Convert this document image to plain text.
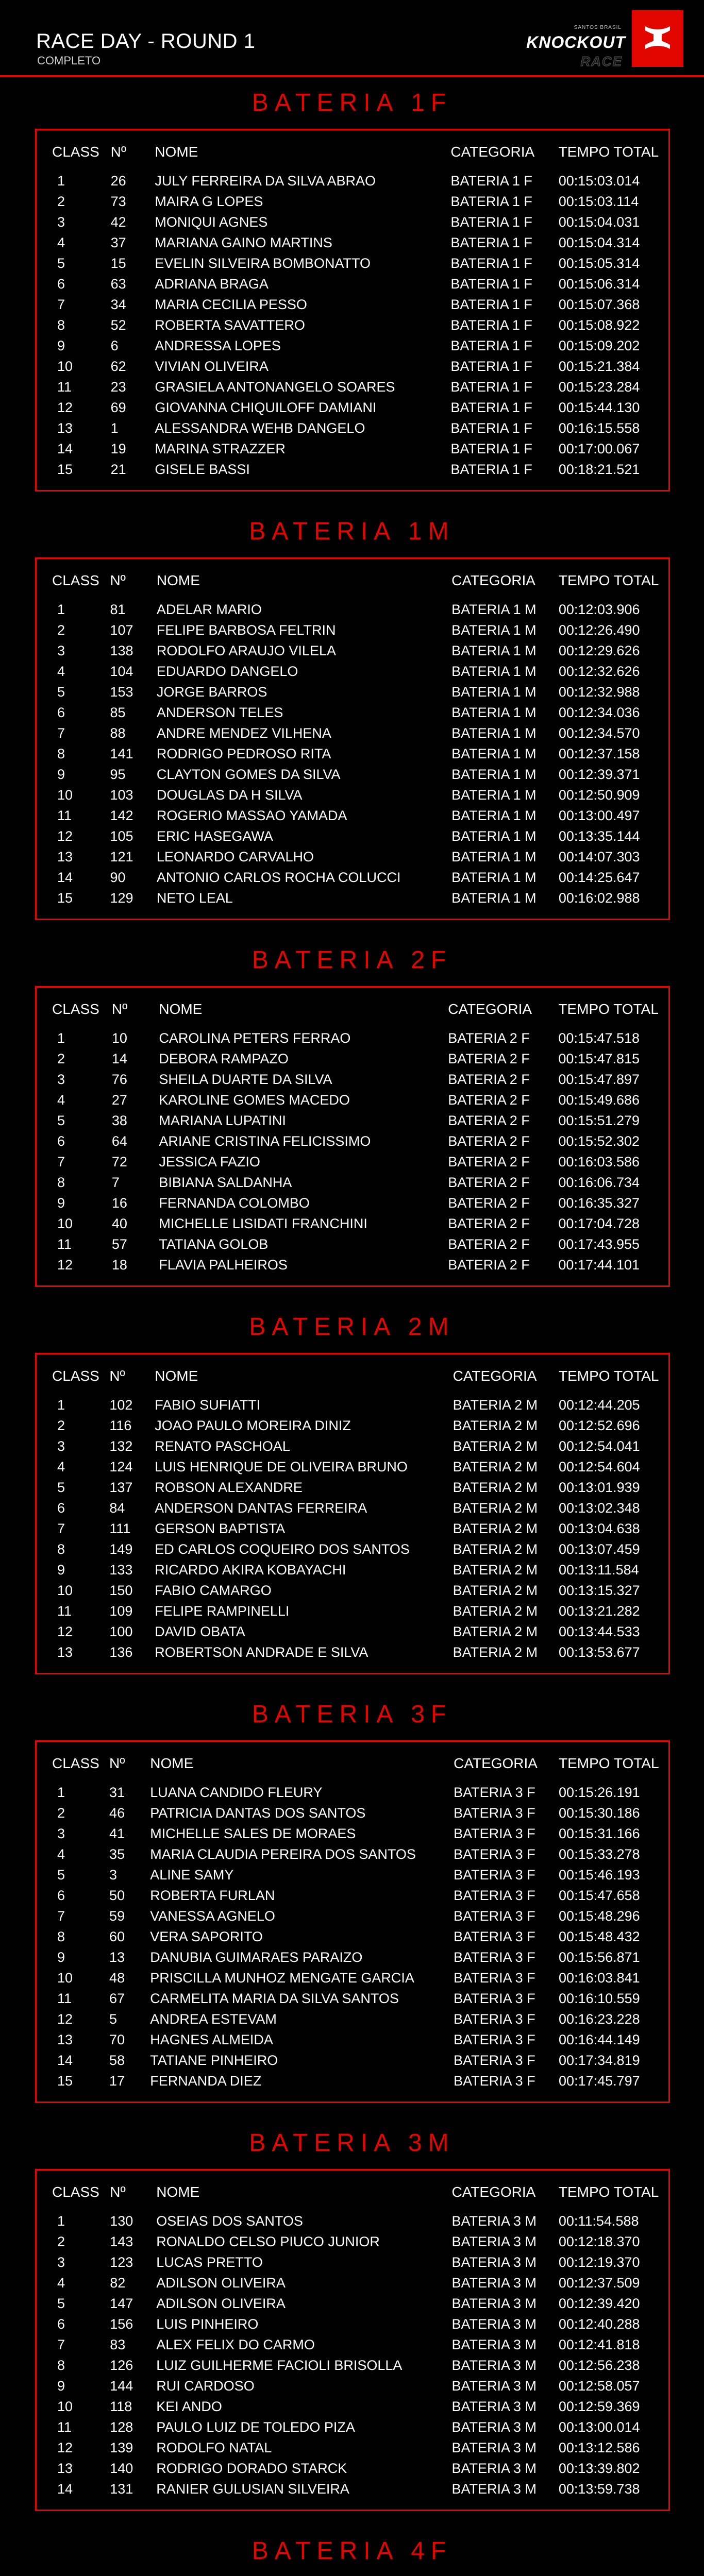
RACE DAY - ROUND 1
COMPLETO
SANTOS BRASIL
KNOCKOUT
RACE
BATERIA 1F
CLASS	Nº	NOME	CATEGORIA	TEMPO TOTAL
1	26	JULY FERREIRA DA SILVA ABRAO	BATERIA 1 F	00:15:03.014
2	73	MAIRA G LOPES	BATERIA 1 F	00:15:03.114
3	42	MONIQUI AGNES	BATERIA 1 F	00:15:04.031
4	37	MARIANA GAINO MARTINS	BATERIA 1 F	00:15:04.314
5	15	EVELIN SILVEIRA BOMBONATTO	BATERIA 1 F	00:15:05.314
6	63	ADRIANA BRAGA	BATERIA 1 F	00:15:06.314
7	34	MARIA CECILIA PESSO	BATERIA 1 F	00:15:07.368
8	52	ROBERTA SAVATTERO	BATERIA 1 F	00:15:08.922
9	6	ANDRESSA LOPES	BATERIA 1 F	00:15:09.202
10	62	VIVIAN OLIVEIRA	BATERIA 1 F	00:15:21.384
11	23	GRASIELA ANTONANGELO SOARES	BATERIA 1 F	00:15:23.284
12	69	GIOVANNA CHIQUILOFF DAMIANI	BATERIA 1 F	00:15:44.130
13	1	ALESSANDRA WEHB DANGELO	BATERIA 1 F	00:16:15.558
14	19	MARINA STRAZZER	BATERIA 1 F	00:17:00.067
15	21	GISELE BASSI	BATERIA 1 F	00:18:21.521
BATERIA 1M
CLASS	Nº	NOME	CATEGORIA	TEMPO TOTAL
1	81	ADELAR MARIO	BATERIA 1 M	00:12:03.906
2	107	FELIPE BARBOSA FELTRIN	BATERIA 1 M	00:12:26.490
3	138	RODOLFO ARAUJO VILELA	BATERIA 1 M	00:12:29.626
4	104	EDUARDO DANGELO	BATERIA 1 M	00:12:32.626
5	153	JORGE BARROS	BATERIA 1 M	00:12:32.988
6	85	ANDERSON TELES	BATERIA 1 M	00:12:34.036
7	88	ANDRE MENDEZ VILHENA	BATERIA 1 M	00:12:34.570
8	141	RODRIGO PEDROSO RITA	BATERIA 1 M	00:12:37.158
9	95	CLAYTON GOMES DA SILVA	BATERIA 1 M	00:12:39.371
10	103	DOUGLAS DA H SILVA	BATERIA 1 M	00:12:50.909
11	142	ROGERIO MASSAO YAMADA	BATERIA 1 M	00:13:00.497
12	105	ERIC HASEGAWA	BATERIA 1 M	00:13:35.144
13	121	LEONARDO CARVALHO	BATERIA 1 M	00:14:07.303
14	90	ANTONIO CARLOS ROCHA COLUCCI	BATERIA 1 M	00:14:25.647
15	129	NETO LEAL	BATERIA 1 M	00:16:02.988
BATERIA 2F
CLASS	Nº	NOME	CATEGORIA	TEMPO TOTAL
1	10	CAROLINA PETERS FERRAO	BATERIA 2 F	00:15:47.518
2	14	DEBORA RAMPAZO	BATERIA 2 F	00:15:47.815
3	76	SHEILA DUARTE DA SILVA	BATERIA 2 F	00:15:47.897
4	27	KAROLINE GOMES MACEDO	BATERIA 2 F	00:15:49.686
5	38	MARIANA LUPATINI	BATERIA 2 F	00:15:51.279
6	64	ARIANE CRISTINA FELICISSIMO	BATERIA 2 F	00:15:52.302
7	72	JESSICA FAZIO	BATERIA 2 F	00:16:03.586
8	7	BIBIANA SALDANHA	BATERIA 2 F	00:16:06.734
9	16	FERNANDA COLOMBO	BATERIA 2 F	00:16:35.327
10	40	MICHELLE LISIDATI FRANCHINI	BATERIA 2 F	00:17:04.728
11	57	TATIANA GOLOB	BATERIA 2 F	00:17:43.955
12	18	FLAVIA PALHEIROS	BATERIA 2 F	00:17:44.101
BATERIA 2M
CLASS	Nº	NOME	CATEGORIA	TEMPO TOTAL
1	102	FABIO SUFIATTI	BATERIA 2 M	00:12:44.205
2	116	JOAO PAULO MOREIRA DINIZ	BATERIA 2 M	00:12:52.696
3	132	RENATO PASCHOAL	BATERIA 2 M	00:12:54.041
4	124	LUIS HENRIQUE DE OLIVEIRA BRUNO	BATERIA 2 M	00:12:54.604
5	137	ROBSON ALEXANDRE	BATERIA 2 M	00:13:01.939
6	84	ANDERSON DANTAS FERREIRA	BATERIA 2 M	00:13:02.348
7	111	GERSON BAPTISTA	BATERIA 2 M	00:13:04.638
8	149	ED CARLOS COQUEIRO DOS SANTOS	BATERIA 2 M	00:13:07.459
9	133	RICARDO AKIRA KOBAYACHI	BATERIA 2 M	00:13:11.584
10	150	FABIO CAMARGO	BATERIA 2 M	00:13:15.327
11	109	FELIPE RAMPINELLI	BATERIA 2 M	00:13:21.282
12	100	DAVID OBATA	BATERIA 2 M	00:13:44.533
13	136	ROBERTSON ANDRADE E SILVA	BATERIA 2 M	00:13:53.677
BATERIA 3F
CLASS	Nº	NOME	CATEGORIA	TEMPO TOTAL
1	31	LUANA CANDIDO FLEURY	BATERIA 3 F	00:15:26.191
2	46	PATRICIA DANTAS DOS SANTOS	BATERIA 3 F	00:15:30.186
3	41	MICHELLE SALES DE MORAES	BATERIA 3 F	00:15:31.166
4	35	MARIA CLAUDIA PEREIRA DOS SANTOS	BATERIA 3 F	00:15:33.278
5	3	ALINE SAMY	BATERIA 3 F	00:15:46.193
6	50	ROBERTA FURLAN	BATERIA 3 F	00:15:47.658
7	59	VANESSA AGNELO	BATERIA 3 F	00:15:48.296
8	60	VERA SAPORITO	BATERIA 3 F	00:15:48.432
9	13	DANUBIA GUIMARAES PARAIZO	BATERIA 3 F	00:15:56.871
10	48	PRISCILLA MUNHOZ MENGATE GARCIA	BATERIA 3 F	00:16:03.841
11	67	CARMELITA MARIA DA SILVA SANTOS	BATERIA 3 F	00:16:10.559
12	5	ANDREA ESTEVAM	BATERIA 3 F	00:16:23.228
13	70	HAGNES ALMEIDA	BATERIA 3 F	00:16:44.149
14	58	TATIANE PINHEIRO	BATERIA 3 F	00:17:34.819
15	17	FERNANDA DIEZ	BATERIA 3 F	00:17:45.797
BATERIA 3M
CLASS	Nº	NOME	CATEGORIA	TEMPO TOTAL
1	130	OSEIAS DOS SANTOS	BATERIA 3 M	00:11:54.588
2	143	RONALDO CELSO PIUCO JUNIOR	BATERIA 3 M	00:12:18.370
3	123	LUCAS PRETTO	BATERIA 3 M	00:12:19.370
4	82	ADILSON OLIVEIRA	BATERIA 3 M	00:12:37.509
5	147	ADILSON OLIVEIRA	BATERIA 3 M	00:12:39.420
6	156	LUIS PINHEIRO	BATERIA 3 M	00:12:40.288
7	83	ALEX FELIX DO CARMO	BATERIA 3 M	00:12:41.818
8	126	LUIZ GUILHERME FACIOLI BRISOLLA	BATERIA 3 M	00:12:56.238
9	144	RUI CARDOSO	BATERIA 3 M	00:12:58.057
10	118	KEI ANDO	BATERIA 3 M	00:12:59.369
11	128	PAULO LUIZ DE TOLEDO PIZA	BATERIA 3 M	00:13:00.014
12	139	RODOLFO NATAL	BATERIA 3 M	00:13:12.586
13	140	RODRIGO DORADO STARCK	BATERIA 3 M	00:13:39.802
14	131	RANIER GULUSIAN SILVEIRA	BATERIA 3 M	00:13:59.738
BATERIA 4F
